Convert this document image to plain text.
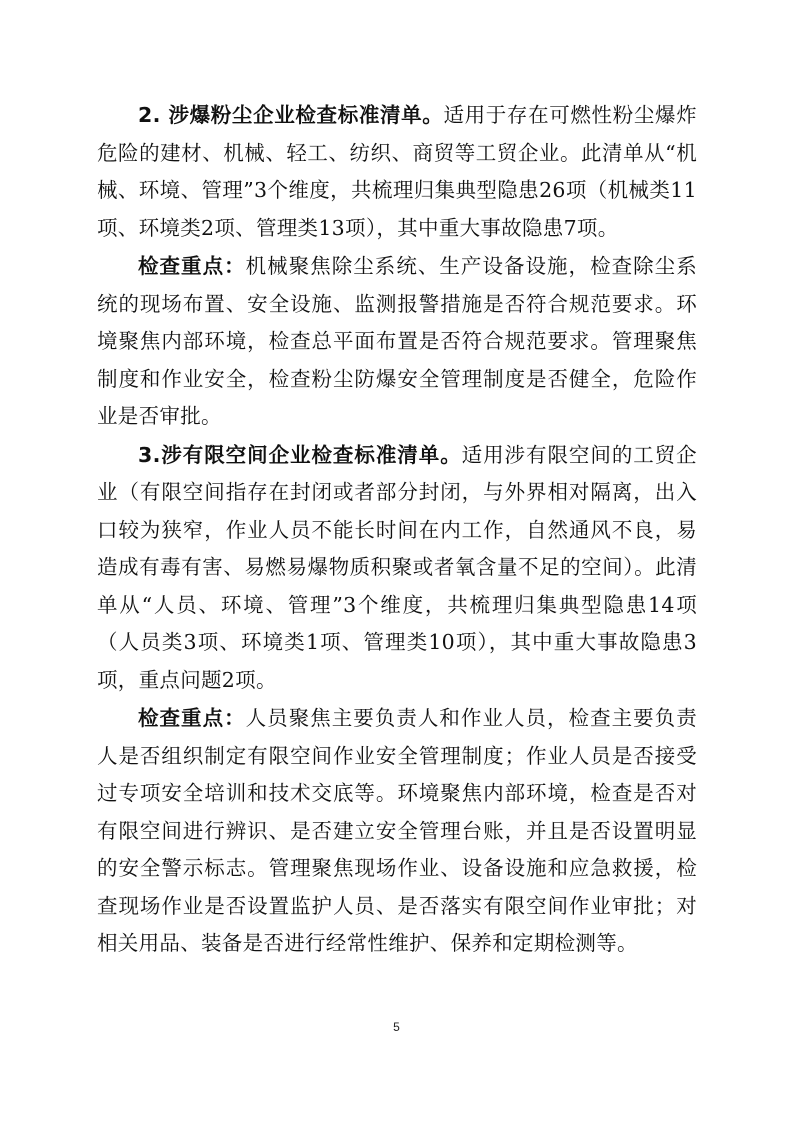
2. 涉爆粉尘企业检查标准清单。适用于存在可燃性粉尘爆炸危险的建材、机械、轻工、纺织、商贸等工贸企业。此清单从“机械、环境、管理”3个维度，共梳理归集典型隐患26项（机械类11项、环境类2项、管理类13项），其中重大事故隐患7项。

检查重点：机械聚焦除尘系统、生产设备设施，检查除尘系统的现场布置、安全设施、监测报警措施是否符合规范要求。环境聚焦内部环境，检查总平面布置是否符合规范要求。管理聚焦制度和作业安全，检查粉尘防爆安全管理制度是否健全，危险作业是否审批。

3.涉有限空间企业检查标准清单。适用涉有限空间的工贸企业（有限空间指存在封闭或者部分封闭，与外界相对隔离，出入口较为狭窄，作业人员不能长时间在内工作，自然通风不良，易造成有毒有害、易燃易爆物质积聚或者氧含量不足的空间）。此清单从“人员、环境、管理”3个维度，共梳理归集典型隐患14项（人员类3项、环境类1项、管理类10项），其中重大事故隐患3项，重点问题2项。

检查重点：人员聚焦主要负责人和作业人员，检查主要负责人是否组织制定有限空间作业安全管理制度；作业人员是否接受过专项安全培训和技术交底等。环境聚焦内部环境，检查是否对有限空间进行辨识、是否建立安全管理台账，并且是否设置明显的安全警示标志。管理聚焦现场作业、设备设施和应急救援，检查现场作业是否设置监护人员、是否落实有限空间作业审批；对相关用品、装备是否进行经常性维护、保养和定期检测等。

5
